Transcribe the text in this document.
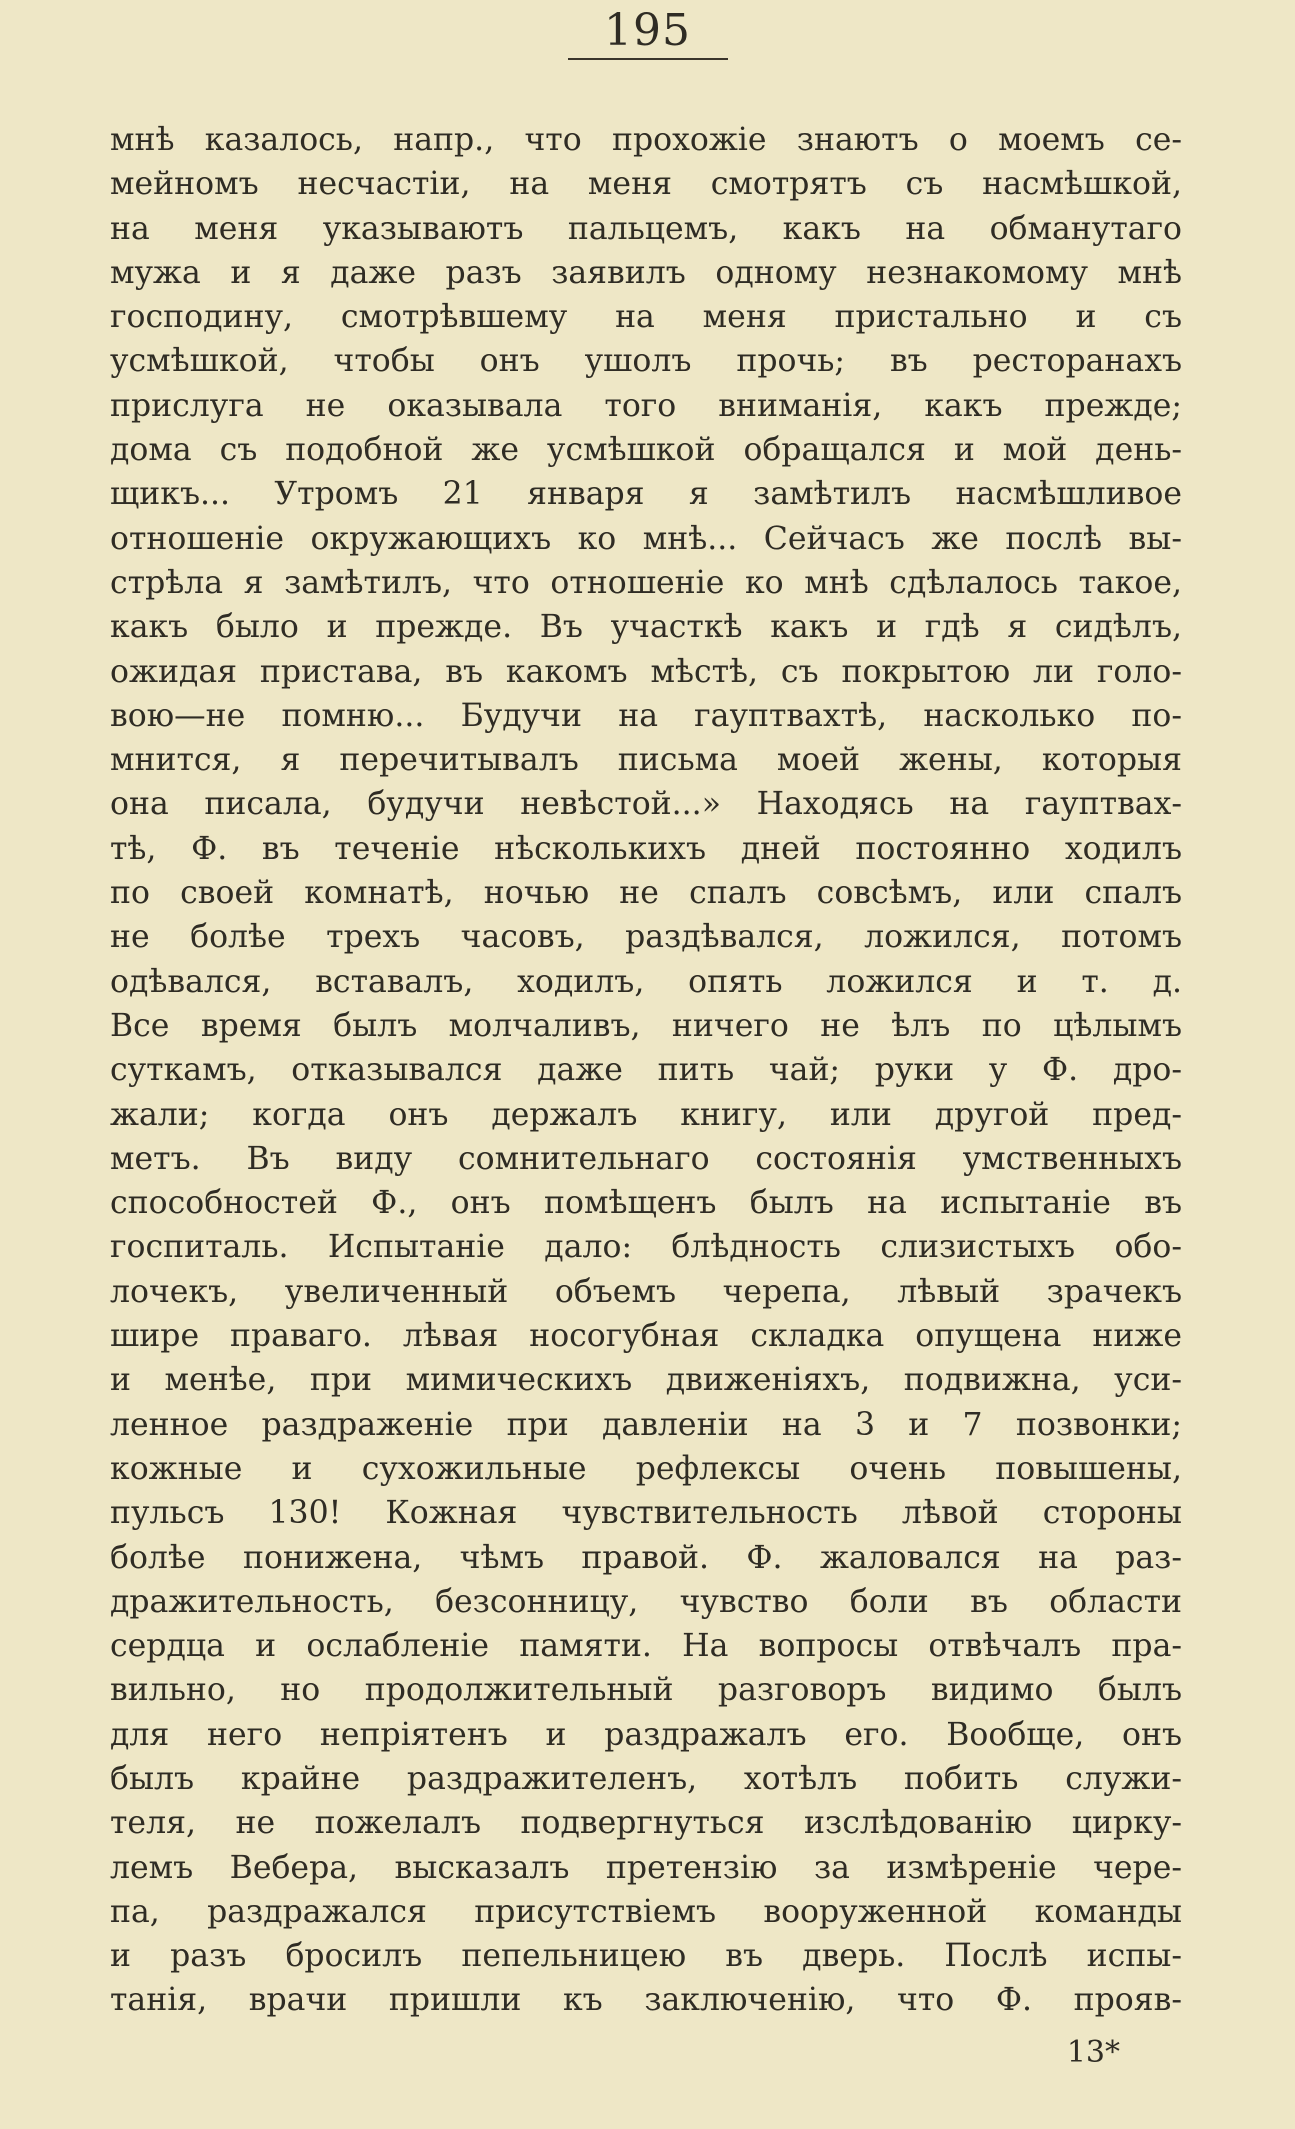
195
мнѣ казалось, напр., что прохожіе знаютъ о моемъ се-
мейномъ несчастіи, на меня смотрятъ съ насмѣшкой,
на меня указываютъ пальцемъ, какъ на обманутаго
мужа и я даже разъ заявилъ одному незнакомому мнѣ
господину, смотрѣвшему на меня пристально и съ
усмѣшкой, чтобы онъ ушолъ прочь; въ ресторанахъ
прислуга не оказывала того вниманія, какъ прежде;
дома съ подобной же усмѣшкой обращался и мой день-
щикъ... Утромъ 21 января я замѣтилъ насмѣшливое
отношеніе окружающихъ ко мнѣ... Сейчасъ же послѣ вы-
стрѣла я замѣтилъ, что отношеніе ко мнѣ сдѣлалось такое,
какъ было и прежде. Въ участкѣ какъ и гдѣ я сидѣлъ,
ожидая пристава, въ какомъ мѣстѣ, съ покрытою ли голо-
вою—не помню... Будучи на гауптвахтѣ, насколько по-
мнится, я перечитывалъ письма моей жены, которыя
она писала, будучи невѣстой...» Находясь на гауптвах-
тѣ, Ф. въ теченіе нѣсколькихъ дней постоянно ходилъ
по своей комнатѣ, ночью не спалъ совсѣмъ, или спалъ
не болѣе трехъ часовъ, раздѣвался, ложился, потомъ
одѣвался, вставалъ, ходилъ, опять ложился и т. д.
Все время былъ молчаливъ, ничего не ѣлъ по цѣлымъ
суткамъ, отказывался даже пить чай; руки у Ф. дро-
жали; когда онъ держалъ книгу, или другой пред-
метъ. Въ виду сомнительнаго состоянія умственныхъ
способностей Ф., онъ помѣщенъ былъ на испытаніе въ
госпиталь. Испытаніе дало: блѣдность слизистыхъ обо-
лочекъ, увеличенный объемъ черепа, лѣвый зрачекъ
шире праваго. лѣвая носогубная складка опущена ниже
и менѣе, при мимическихъ движеніяхъ, подвижна, уси-
ленное раздраженіе при давленіи на 3 и 7 позвонки;
кожные и сухожильные рефлексы очень повышены,
пульсъ 130! Кожная чувствительность лѣвой стороны
болѣе понижена, чѣмъ правой. Ф. жаловался на раз-
дражительность, безсонницу, чувство боли въ области
сердца и ослабленіе памяти. На вопросы отвѣчалъ пра-
вильно, но продолжительный разговоръ видимо былъ
для него непріятенъ и раздражалъ его. Вообще, онъ
былъ крайне раздражителенъ, хотѣлъ побить служи-
теля, не пожелалъ подвергнуться изслѣдованію цирку-
лемъ Вебера, высказалъ претензію за измѣреніе чере-
па, раздражался присутствіемъ вооруженной команды
и разъ бросилъ пепельницею въ дверь. Послѣ испы-
танія, врачи пришли къ заключенію, что Ф. прояв-
13*
